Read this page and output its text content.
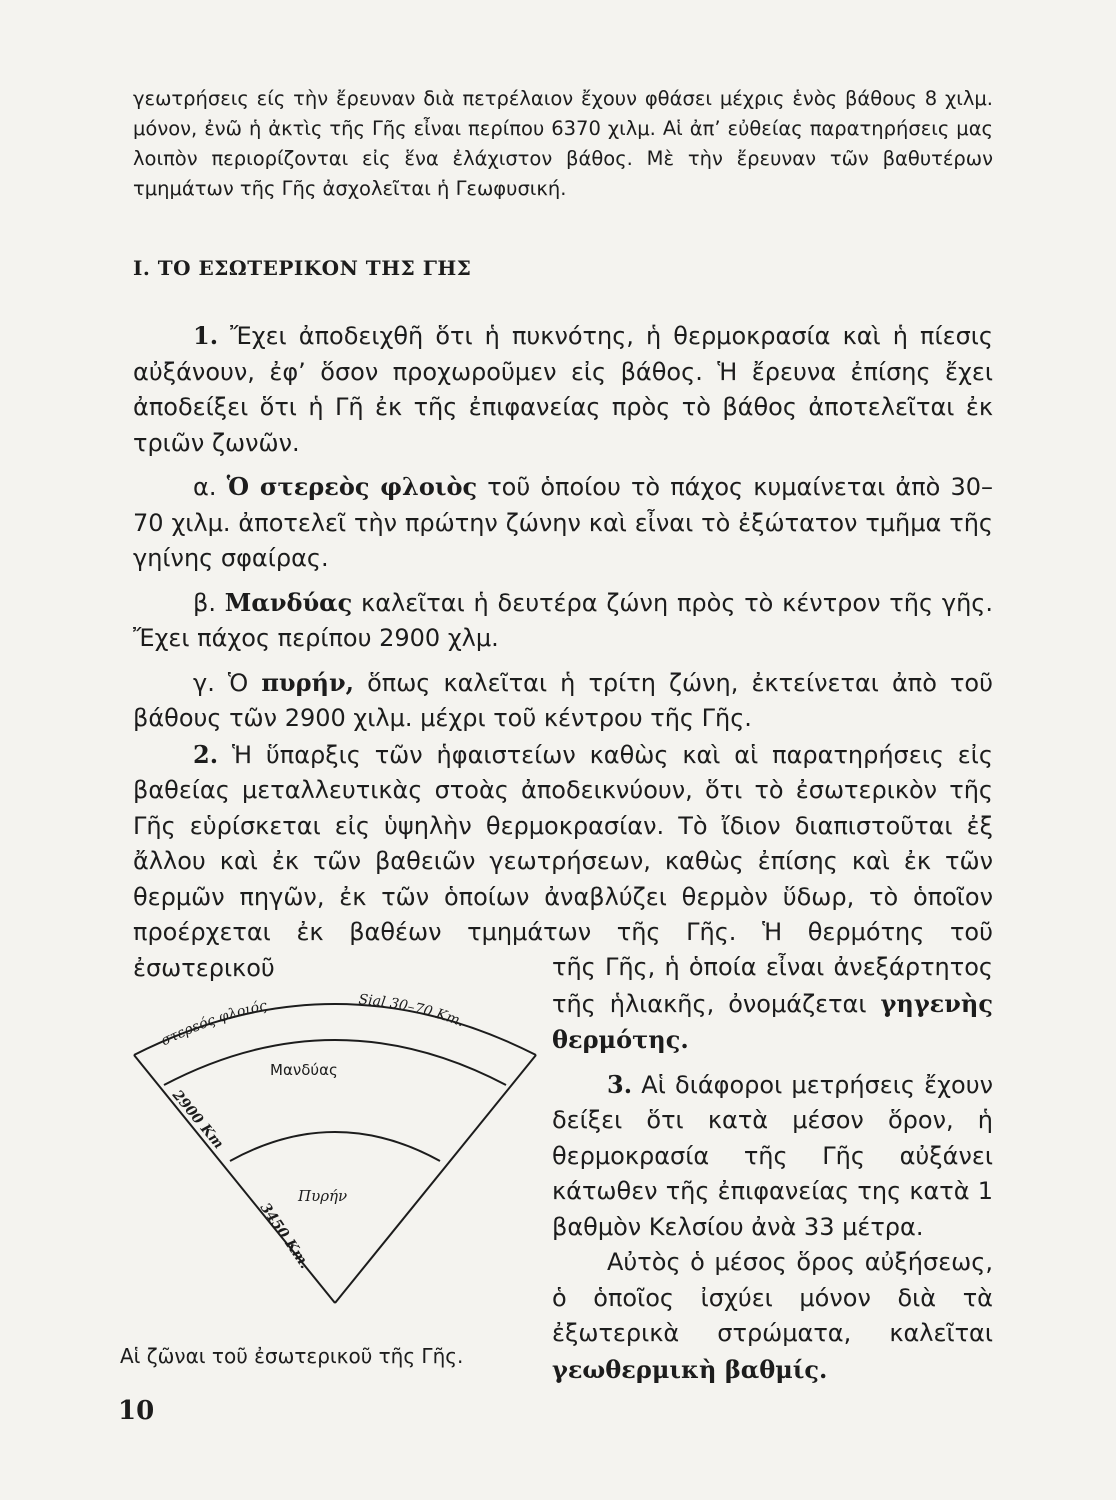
γεωτρήσεις είς τὴν ἔρευναν διὰ πετρέλαιον ἔχουν φθάσει μέχρις ἑνὸς βάθους 8 χιλμ. μόνον, ἐνῶ ἡ ἀκτὶς τῆς Γῆς εἶναι περίπου 6370 χιλμ. Αἱ ἀπ’ εὐθείας παρατηρήσεις μας λοιπὸν περιορίζονται εἰς ἕνα ἐλάχιστον βάθος. Μὲ τὴν ἔρευναν τῶν βαθυτέρων τμημάτων τῆς Γῆς ἀσχολεῖται ἡ Γεωφυσική.
I. ΤΟ ΕΣΩΤΕΡΙΚΟΝ ΤΗΣ ΓΗΣ

1. Ἔχει ἀποδειχθῆ ὅτι ἡ πυκνότης, ἡ θερμοκρασία καὶ ἡ πίεσις αὐξάνουν, ἐφ’ ὅσον προχωροῦμεν εἰς βάθος. Ἡ ἔρευνα ἐπίσης ἔχει ἀποδείξει ὅτι ἡ Γῆ ἐκ τῆς ἐπιφανείας πρὸς τὸ βάθος ἀποτελεῖται ἐκ τριῶν ζωνῶν.

α. Ὁ στερεὸς φλοιὸς τοῦ ὁποίου τὸ πάχος κυμαίνεται ἀπὸ 30–70 χιλμ. ἀποτελεῖ τὴν πρώτην ζώνην καὶ εἶναι τὸ ἐξώτατον τμῆμα τῆς γηίνης σφαίρας.

β. Μανδύας καλεῖται ἡ δευτέρα ζώνη πρὸς τὸ κέντρον τῆς γῆς. Ἔχει πάχος περίπου 2900 χλμ.

γ. Ὁ πυρήν, ὅπως καλεῖται ἡ τρίτη ζώνη, ἐκτείνεται ἀπὸ τοῦ βάθους τῶν 2900 χιλμ. μέχρι τοῦ κέντρου τῆς Γῆς.

2. Ἡ ὕπαρξις τῶν ἡφαιστείων καθὼς καὶ αἱ παρατηρήσεις εἰς βαθείας μεταλλευτικὰς στοὰς ἀποδεικνύουν, ὅτι τὸ ἐσωτερικὸν τῆς Γῆς εὑρίσκεται εἰς ὑψηλὴν θερμοκρασίαν. Τὸ ἴδιον διαπιστοῦται ἐξ ἄλλου καὶ ἐκ τῶν βαθειῶν γεωτρήσεων, καθὼς ἐπίσης καὶ ἐκ τῶν θερμῶν πηγῶν, ἐκ τῶν ὁποίων ἀναβλύζει θερμὸν ὕδωρ, τὸ ὁποῖον προέρχεται ἐκ βαθέων τμημάτων τῆς Γῆς. Ἡ θερμότης τοῦ ἐσωτερικοῦ

στερεός φλοιός	Sial 30–70 Km.
Μανδύας
2900 Km
Πυρήν
3450 Km.

τῆς Γῆς, ἡ ὁποία εἶναι ἀνεξάρτητος τῆς ἡλιακῆς, ὀνομάζεται γηγενὴς θερμότης.

3. Αἱ διάφοροι μετρήσεις ἔχουν δείξει ὅτι κατὰ μέσον ὅρον, ἡ θερμοκρασία τῆς Γῆς αὐξάνει κάτωθεν τῆς ἐπιφανείας της κατὰ 1 βαθμὸν Κελσίου ἀνὰ 33 μέτρα.

Αὐτὸς ὁ μέσος ὅρος αὐξήσεως, ὁ ὁποῖος ἰσχύει μόνον διὰ τὰ ἐξωτερικὰ στρώματα, καλεῖται γεωθερμικὴ βαθμίς.

Αἱ ζῶναι τοῦ ἐσωτερικοῦ τῆς Γῆς.
10
